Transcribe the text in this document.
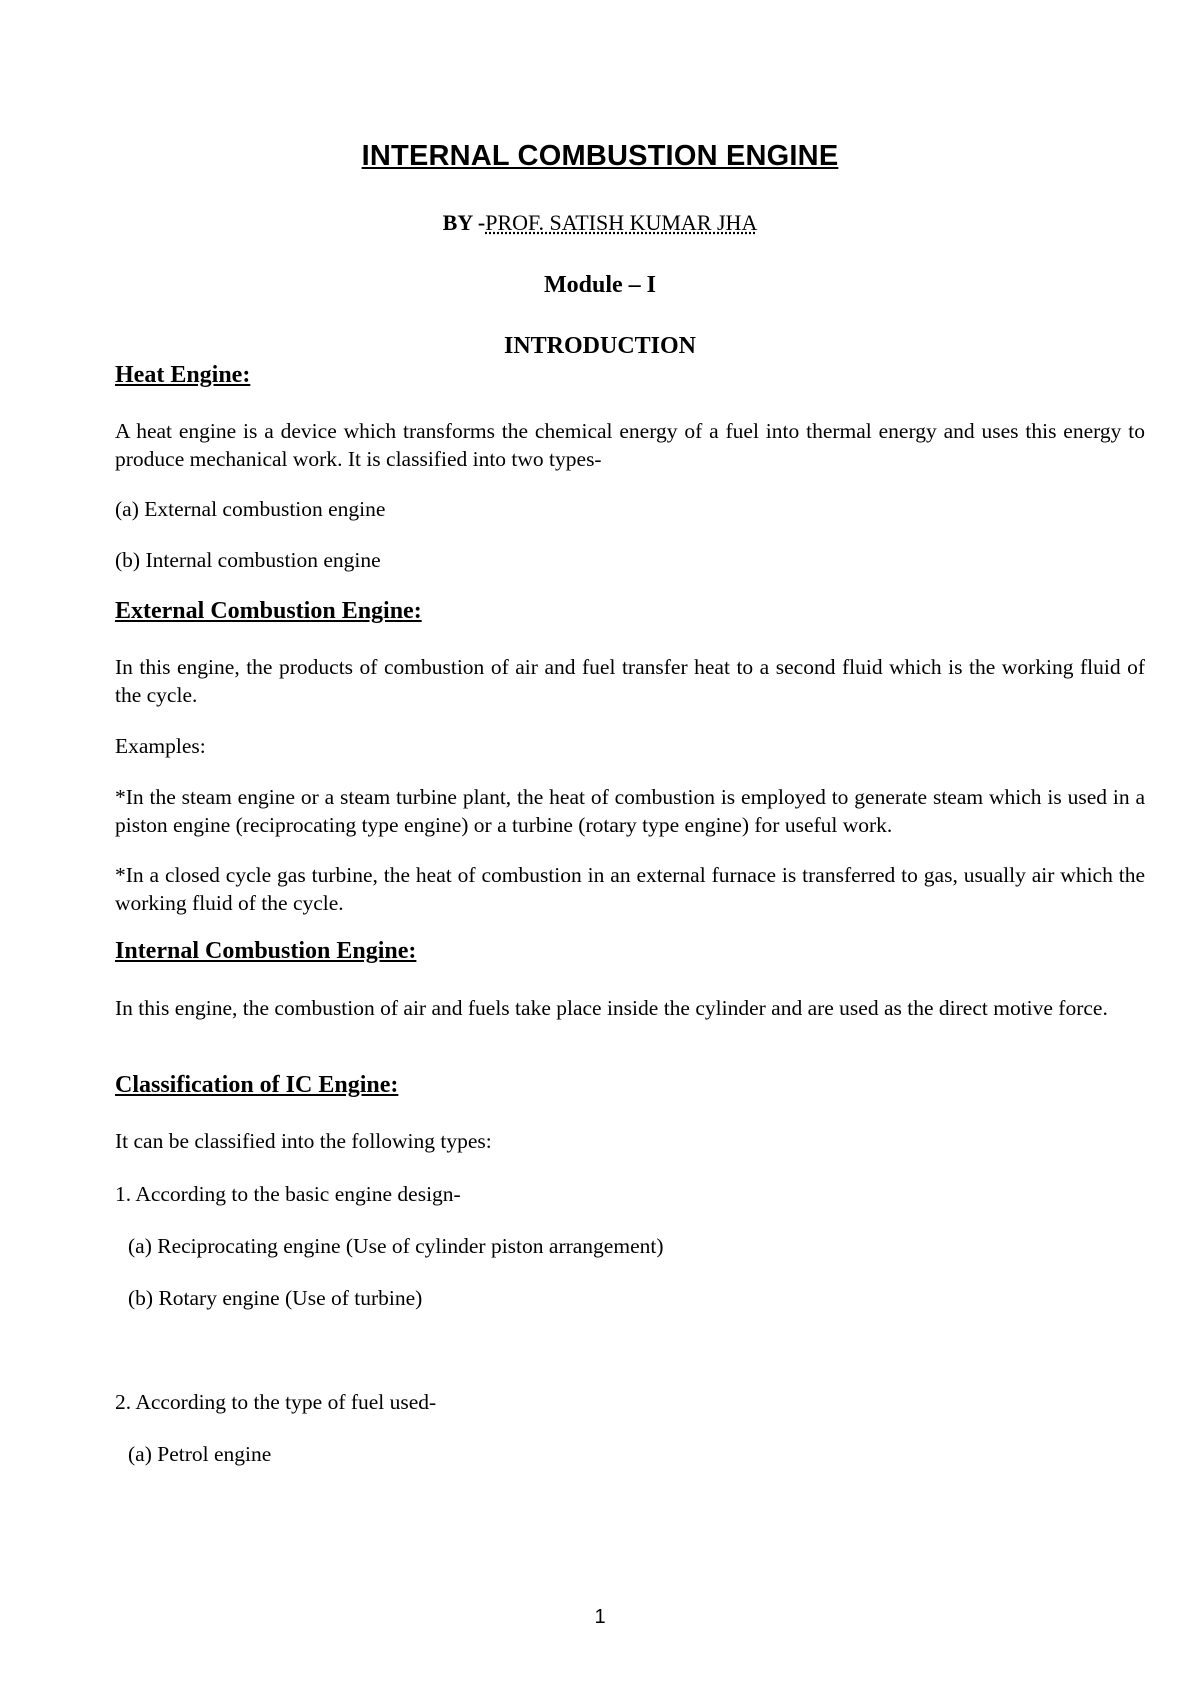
INTERNAL COMBUSTION ENGINE
BY -PROF. SATISH KUMAR JHA
Module – I
INTRODUCTION
Heat Engine:
A heat engine is a device which transforms the chemical energy of a fuel into thermal energy and uses this energy to produce mechanical work. It is classified into two types-
(a) External combustion engine
(b) Internal combustion engine
External Combustion Engine:
In this engine, the products of combustion of air and fuel transfer heat to a second fluid which is the working fluid of the cycle.
Examples:
*In the steam engine or a steam turbine plant, the heat of combustion is employed to generate steam which is used in a piston engine (reciprocating type engine) or a turbine (rotary type engine) for useful work.
*In a closed cycle gas turbine, the heat of combustion in an external furnace is transferred to gas, usually air which the working fluid of the cycle.
Internal Combustion Engine:
In this engine, the combustion of air and fuels take place inside the cylinder and are used as the direct motive force.
Classification of IC Engine:
It can be classified into the following types:
1. According to the basic engine design-
(a) Reciprocating engine (Use of cylinder piston arrangement)
(b) Rotary engine (Use of turbine)
2. According to the type of fuel used-
(a) Petrol engine
1
